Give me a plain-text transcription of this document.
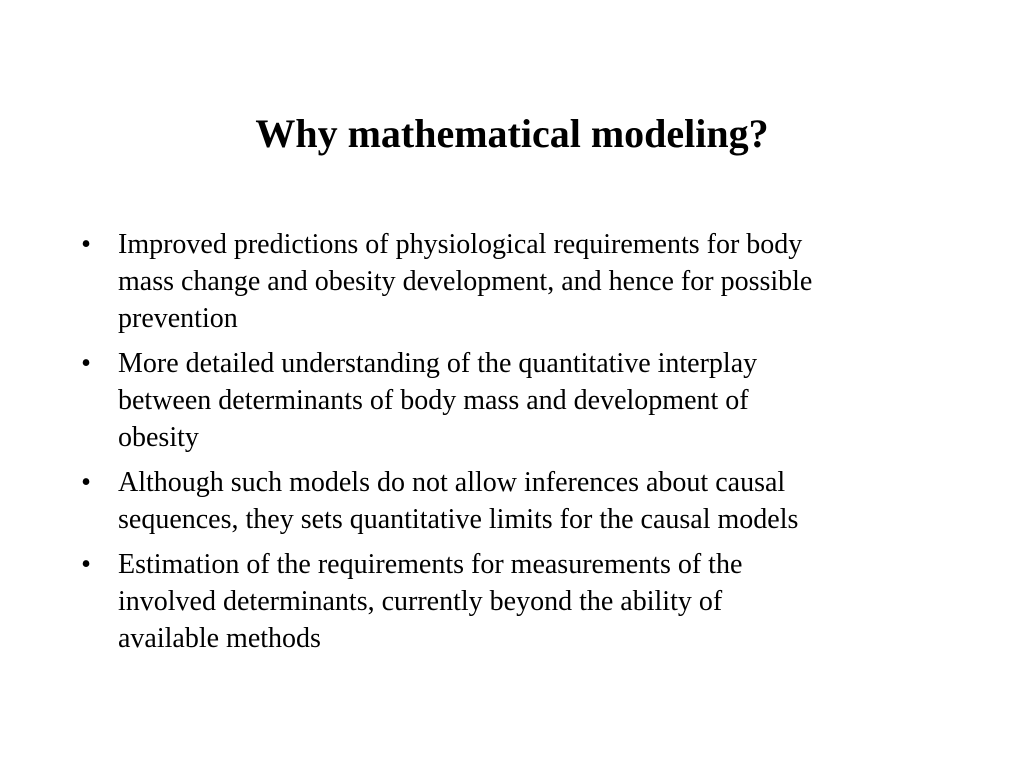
Why mathematical modeling?
• Improved predictions of physiological requirements for body
mass change and obesity development, and hence for possible
prevention
• More detailed understanding of the quantitative interplay
between determinants of body mass and development of
obesity
• Although such models do not allow inferences about causal
sequences, they sets quantitative limits for the causal models
• Estimation of the requirements for measurements of the
involved determinants, currently beyond the ability of
available methods
